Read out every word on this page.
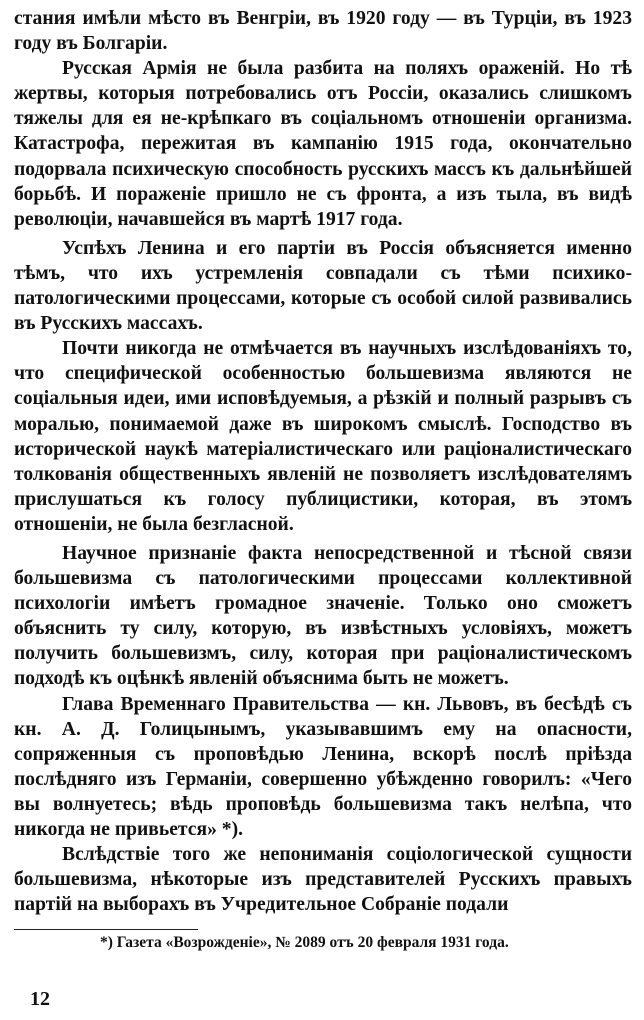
стания имѣли мѣсто въ Венгріи, въ 1920 году — въ Турціи, въ 1923 году въ Болгаріи.

Русская Армія не была разбита на поляхъ ораженій. Но тѣ жертвы, которыя потребовались отъ Россіи, оказались слишкомъ тяжелы для ея не-крѣпкаго въ соціальномъ отношеніи организма. Катастрофа, пережитая въ кампанію 1915 года, окончательно подорвала психическую способность русскихъ массъ къ дальнѣйшей борьбѣ. И пораженіе пришло не съ фронта, а изъ тыла, въ видѣ революціи, начавшейся въ мартѣ 1917 года.

Успѣхъ Ленина и его партіи въ Россія объясняется именно тѣмъ, что ихъ устремленія совпадали съ тѣми психико-патологическими процессами, которые съ особой силой развивались въ Русскихъ массахъ.

Почти никогда не отмѣчается въ научныхъ изслѣдованіяхъ то, что специфической особенностью большевизма являются не соціальныя идеи, ими исповѣдуемыя, а рѣзкій и полный разрывъ съ моралью, понимаемой даже въ широкомъ смыслѣ. Господство въ исторической наукѣ матеріалистическаго или раціоналистическаго толкованія общественныхъ явленій не позволяетъ изслѣдователямъ прислушаться къ голосу публицистики, которая, въ этомъ отношеніи, не была безгласной.

Научное признаніе факта непосредственной и тѣсной связи большевизма съ патологическими процессами коллективной психологіи имѣетъ громадное значеніе. Только оно сможетъ объяснить ту силу, которую, въ извѣстныхъ условіяхъ, можетъ получить большевизмъ, силу, которая при раціоналистическомъ подходѣ къ оцѣнкѣ явленій объяснима быть не можетъ.

Глава Временнаго Правительства — кн. Львовъ, въ бесѣдѣ съ кн. А. Д. Голицынымъ, указывавшимъ ему на опасности, сопряженныя съ проповѣдью Ленина, вскорѣ послѣ пріѣзда послѣдняго изъ Германіи, совершенно убѣжденно говорилъ: «Чего вы волнуетесь; вѣдь проповѣдь большевизма такъ нелѣпа, что никогда не привьется» *).

Вслѣдствіе того же непониманія соціологической сущности большевизма, нѣкоторые изъ представителей Русскихъ правыхъ партій на выборахъ въ Учредительное Собраніе подали

*) Газета «Возрожденіе», № 2089 отъ 20 февраля 1931 года.
12
